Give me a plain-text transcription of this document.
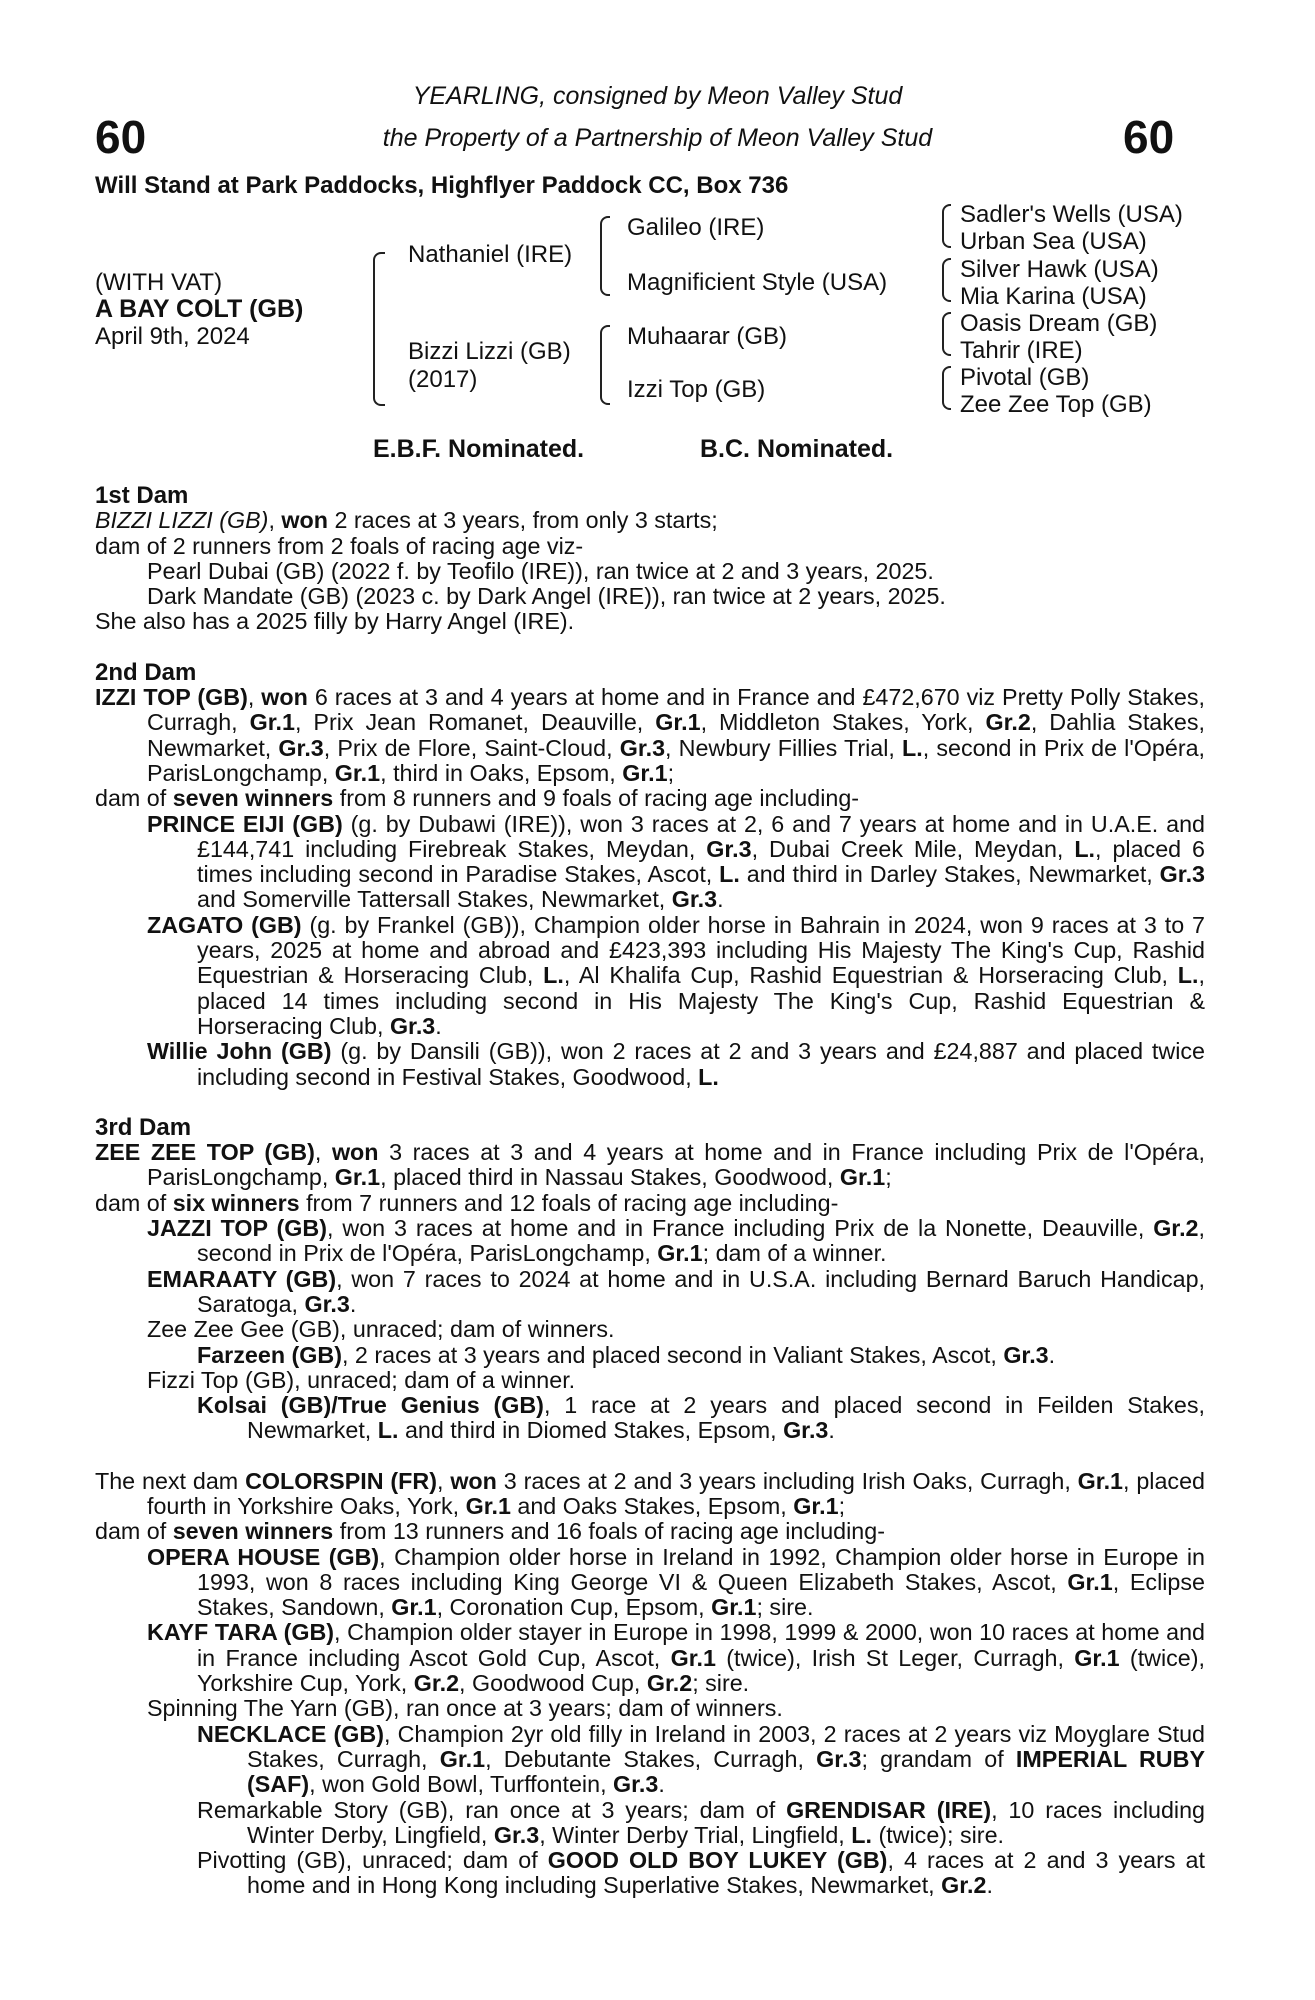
60	60
YEARLING, consigned by Meon Valley Stud
the Property of a Partnership of Meon Valley Stud
Will Stand at Park Paddocks, Highflyer Paddock CC, Box 736
(WITH VAT)
A BAY COLT (GB)
April 9th, 2024
Nathaniel (IRE)
Bizzi Lizzi (GB)
(2017)
Galileo (IRE)
Magnificient Style (USA)
Muhaarar (GB)
Izzi Top (GB)
Sadler's Wells (USA)
Urban Sea (USA)
Silver Hawk (USA)
Mia Karina (USA)
Oasis Dream (GB)
Tahrir (IRE)
Pivotal (GB)
Zee Zee Top (GB)
E.B.F. Nominated.	B.C. Nominated.

1st Dam

BIZZI LIZZI (GB), won 2 races at 3 years, from only 3 starts;

dam of 2 runners from 2 foals of racing age viz-

Pearl Dubai (GB) (2022 f. by Teofilo (IRE)), ran twice at 2 and 3 years, 2025.

Dark Mandate (GB) (2023 c. by Dark Angel (IRE)), ran twice at 2 years, 2025.

She also has a 2025 filly by Harry Angel (IRE).

2nd Dam

IZZI TOP (GB), won 6 races at 3 and 4 years at home and in France and £472,670 viz Pretty Polly Stakes, Curragh, Gr.1, Prix Jean Romanet, Deauville, Gr.1, Middleton Stakes, York, Gr.2, Dahlia Stakes, Newmarket, Gr.3, Prix de Flore, Saint-Cloud, Gr.3, Newbury Fillies Trial, L., second in Prix de l'Opéra, ParisLongchamp, Gr.1, third in Oaks, Epsom, Gr.1;

dam of seven winners from 8 runners and 9 foals of racing age including-

PRINCE EIJI (GB) (g. by Dubawi (IRE)), won 3 races at 2, 6 and 7 years at home and in U.A.E. and £144,741 including Firebreak Stakes, Meydan, Gr.3, Dubai Creek Mile, Meydan, L., placed 6 times including second in Paradise Stakes, Ascot, L. and third in Darley Stakes, Newmarket, Gr.3 and Somerville Tattersall Stakes, Newmarket, Gr.3.

ZAGATO (GB) (g. by Frankel (GB)), Champion older horse in Bahrain in 2024, won 9 races at 3 to 7 years, 2025 at home and abroad and £423,393 including His Majesty The King's Cup, Rashid Equestrian & Horseracing Club, L., Al Khalifa Cup, Rashid Equestrian & Horseracing Club, L., placed 14 times including second in His Majesty The King's Cup, Rashid Equestrian & Horseracing Club, Gr.3.

Willie John (GB) (g. by Dansili (GB)), won 2 races at 2 and 3 years and £24,887 and placed twice including second in Festival Stakes, Goodwood, L.

3rd Dam

ZEE ZEE TOP (GB), won 3 races at 3 and 4 years at home and in France including Prix de l'Opéra, ParisLongchamp, Gr.1, placed third in Nassau Stakes, Goodwood, Gr.1;

dam of six winners from 7 runners and 12 foals of racing age including-

JAZZI TOP (GB), won 3 races at home and in France including Prix de la Nonette, Deauville, Gr.2, second in Prix de l'Opéra, ParisLongchamp, Gr.1; dam of a winner.

EMARAATY (GB), won 7 races to 2024 at home and in U.S.A. including Bernard Baruch Handicap, Saratoga, Gr.3.

Zee Zee Gee (GB), unraced; dam of winners.

Farzeen (GB), 2 races at 3 years and placed second in Valiant Stakes, Ascot, Gr.3.

Fizzi Top (GB), unraced; dam of a winner.

Kolsai (GB)/True Genius (GB), 1 race at 2 years and placed second in Feilden Stakes, Newmarket, L. and third in Diomed Stakes, Epsom, Gr.3.

The next dam COLORSPIN (FR), won 3 races at 2 and 3 years including Irish Oaks, Curragh, Gr.1, placed fourth in Yorkshire Oaks, York, Gr.1 and Oaks Stakes, Epsom, Gr.1;

dam of seven winners from 13 runners and 16 foals of racing age including-

OPERA HOUSE (GB), Champion older horse in Ireland in 1992, Champion older horse in Europe in 1993, won 8 races including King George VI & Queen Elizabeth Stakes, Ascot, Gr.1, Eclipse Stakes, Sandown, Gr.1, Coronation Cup, Epsom, Gr.1; sire.

KAYF TARA (GB), Champion older stayer in Europe in 1998, 1999 & 2000, won 10 races at home and in France including Ascot Gold Cup, Ascot, Gr.1 (twice), Irish St Leger, Curragh, Gr.1 (twice), Yorkshire Cup, York, Gr.2, Goodwood Cup, Gr.2; sire.

Spinning The Yarn (GB), ran once at 3 years; dam of winners.

NECKLACE (GB), Champion 2yr old filly in Ireland in 2003, 2 races at 2 years viz Moyglare Stud Stakes, Curragh, Gr.1, Debutante Stakes, Curragh, Gr.3; grandam of IMPERIAL RUBY (SAF), won Gold Bowl, Turffontein, Gr.3.

Remarkable Story (GB), ran once at 3 years; dam of GRENDISAR (IRE), 10 races including Winter Derby, Lingfield, Gr.3, Winter Derby Trial, Lingfield, L. (twice); sire.

Pivotting (GB), unraced; dam of GOOD OLD BOY LUKEY (GB), 4 races at 2 and 3 years at home and in Hong Kong including Superlative Stakes, Newmarket, Gr.2.
